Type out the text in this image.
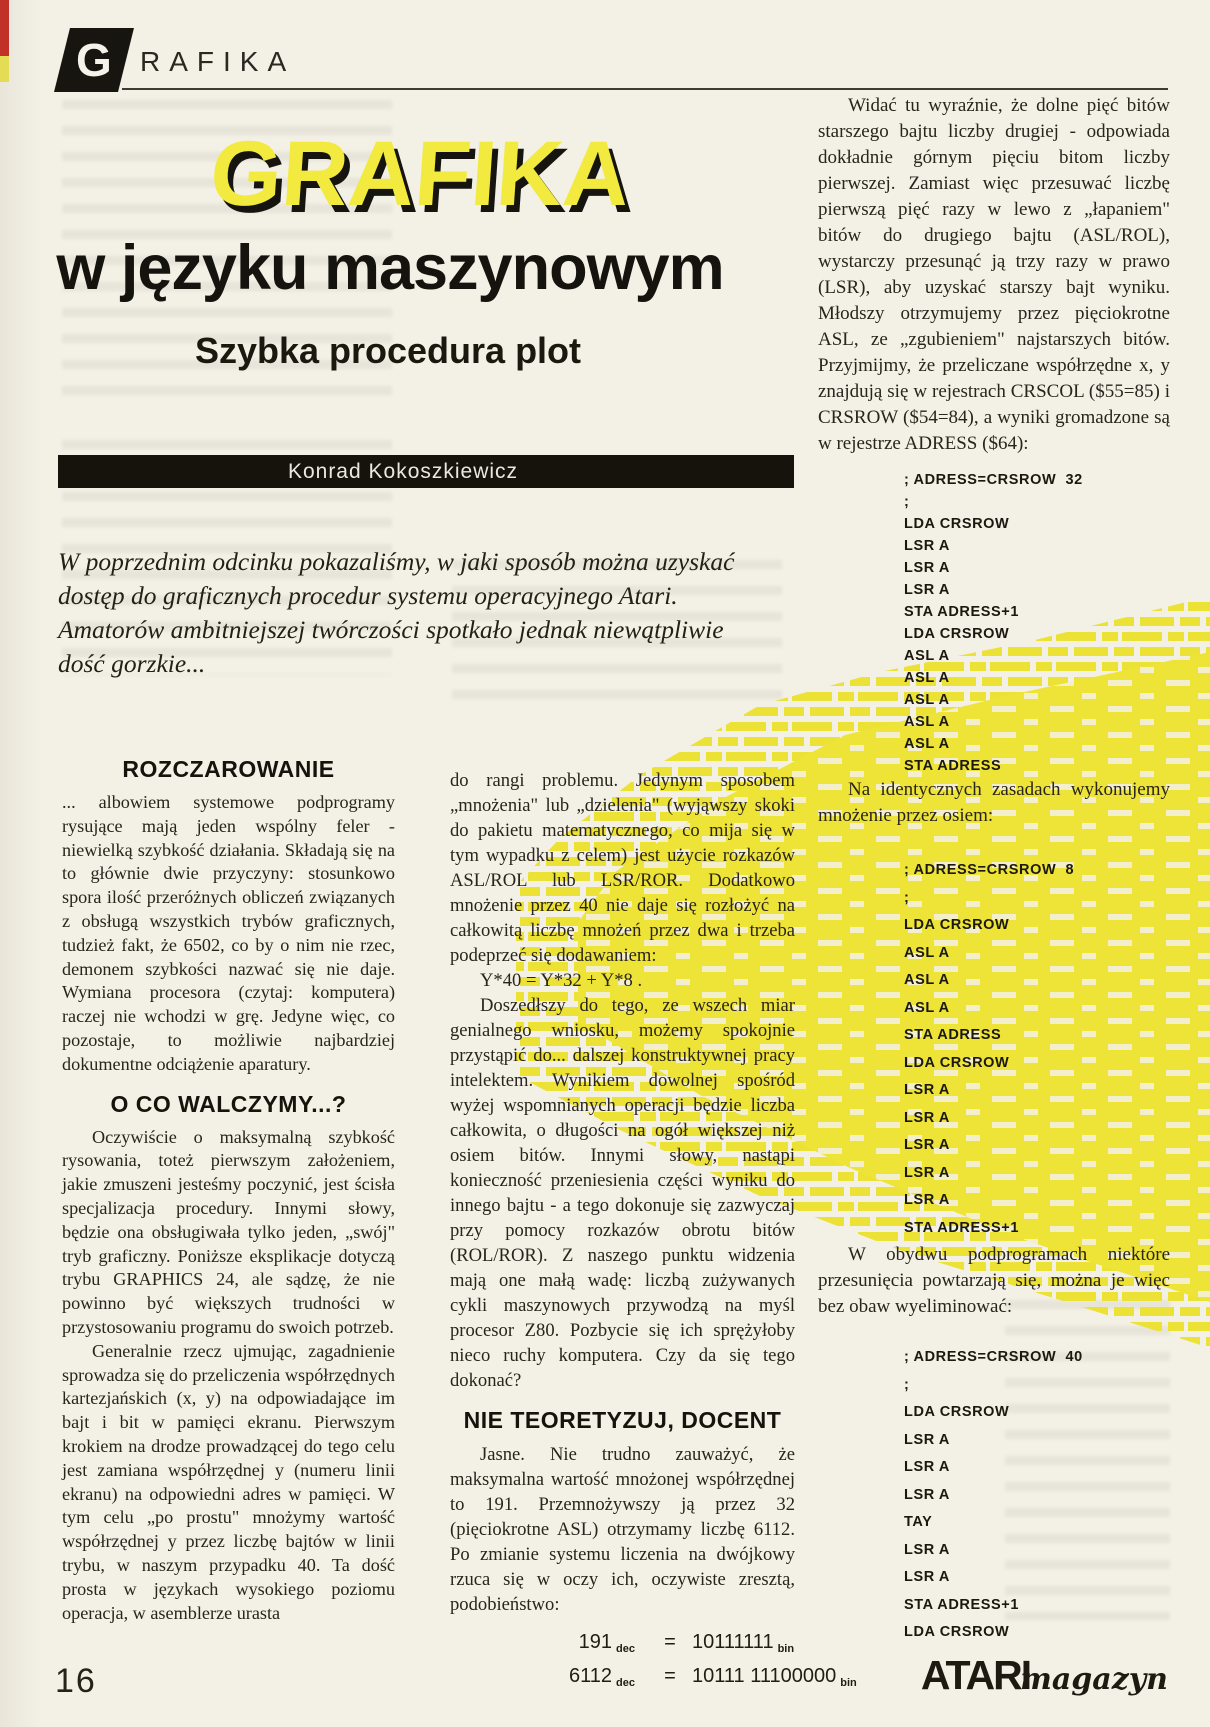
G RAFIKA
GRAFIKA
w języku maszynowym
Szybka procedura plot
Konrad Kokoszkiewicz
W poprzednim odcinku pokazaliśmy, w jaki sposób można uzyskać
dostęp do graficznych procedur systemu operacyjnego Atari.
Amatorów ambitniejszej twórczości spotkało jednak niewątpliwie
dość gorzkie...
ROZCZAROWANIE

... albowiem systemowe podprogramy rysujące mają jeden wspólny feler - niewielką szybkość działania. Składają się na to głównie dwie przyczyny: stosunkowo spora ilość przeróżnych obliczeń związanych z obsługą wszystkich trybów graficznych, tudzież fakt, że 6502, co by o nim nie rzec, demonem szybkości nazwać się nie daje. Wymiana procesora (czytaj: komputera) raczej nie wchodzi w grę. Jedyne więc, co pozostaje, to możliwie najbardziej dokumentne odciążenie aparatury.

O CO WALCZYMY...?

Oczywiście o maksymalną szybkość rysowania, toteż pierwszym założeniem, jakie zmuszeni jesteśmy poczynić, jest ścisła specjalizacja procedury. Innymi słowy, będzie ona obsługiwała tylko jeden, „swój" tryb graficzny. Poniższe eksplikacje dotyczą trybu GRAPHICS 24, ale sądzę, że nie powinno być większych trudności w przystosowaniu programu do swoich potrzeb.

Generalnie rzecz ujmując, zagadnienie sprowadza się do przeliczenia współrzędnych kartezjańskich (x, y) na odpowiadające im bajt i bit w pamięci ekranu. Pierwszym krokiem na drodze prowadzącej do tego celu jest zamiana współrzędnej y (numeru linii ekranu) na odpowiedni adres w pamięci. W tym celu „po prostu" mnożymy wartość współrzędnej y przez liczbę bajtów w linii trybu, w naszym przypadku 40. Ta dość prosta w językach wysokiego poziomu operacja, w asemblerze urasta

do rangi problemu. Jedynym sposobem „mnożenia" lub „dzielenia" (wyjąwszy skoki do pakietu matematycznego, co mija się w tym wypadku z celem) jest użycie rozkazów ASL/ROL lub LSR/ROR. Dodatkowo mnożenie przez 40 nie daje się rozłożyć na całkowitą liczbę mnożeń przez dwa i trzeba podeprzeć się dodawaniem:

Y*40 = Y*32 + Y*8 .

Doszedłszy do tego, ze wszech miar genialnego wniosku, możemy spokojnie przystąpić do... dalszej konstruktywnej pracy intelektem. Wynikiem dowolnej spośród wyżej wspomnianych operacji będzie liczba całkowita, o długości na ogół większej niż osiem bitów. Innymi słowy, nastąpi konieczność przeniesienia części wyniku do innego bajtu - a tego dokonuje się zazwyczaj przy pomocy rozkazów obrotu bitów (ROL/ROR). Z naszego punktu widzenia mają one małą wadę: liczbą zużywanych cykli maszynowych przywodzą na myśl procesor Z80. Pozbycie się ich sprężyłoby nieco ruchy komputera. Czy da się tego dokonać?

NIE TEORETYZUJ, DOCENT

Jasne. Nie trudno zauważyć, że maksymalna wartość mnożonej współrzędnej to 191. Przemnożywszy ją przez 32 (pięciokrotne ASL) otrzymamy liczbę 6112. Po zmianie systemu liczenia na dwójkowy rzuca się w oczy ich, oczywiste zresztą, podobieństwo:

191 dec	= 10111111 bin
6112 dec	= 10111 11100000 bin

Widać tu wyraźnie, że dolne pięć bitów starszego bajtu liczby drugiej - odpowiada dokładnie górnym pięciu bitom liczby pierwszej. Zamiast więc przesuwać liczbę pierwszą pięć razy w lewo z „łapaniem" bitów do drugiego bajtu (ASL/ROL), wystarczy przesunąć ją trzy razy w prawo (LSR), aby uzyskać starszy bajt wyniku. Młodszy otrzymujemy przez pięciokrotne ASL, ze „zgubieniem" najstarszych bitów. Przyjmijmy, że przeliczane współrzędne x, y znajdują się w rejestrach CRSCOL ($55=85) i CRSROW ($54=84), a wyniki gromadzone są w rejestrze ADRESS ($64):

; ADRESS=CRSROW  32
;
LDA CRSROW
LSR A
LSR A
LSR A
STA ADRESS+1
LDA CRSROW
ASL A
ASL A
ASL A
ASL A
ASL A
STA ADRESS

Na identycznych zasadach wykonujemy mnożenie przez osiem:

; ADRESS=CRSROW  8
;
LDA CRSROW
ASL A
ASL A
ASL A
STA ADRESS
LDA CRSROW
LSR A
LSR A
LSR A
LSR A
LSR A
STA ADRESS+1

W obydwu podprogramach niektóre przesunięcia powtarzają się, można je więc bez obaw wyeliminować:

; ADRESS=CRSROW  40
;
LDA CRSROW
LSR A
LSR A
LSR A
TAY
LSR A
LSR A
STA ADRESS+1
LDA CRSROW
16	ATARImagazyn
